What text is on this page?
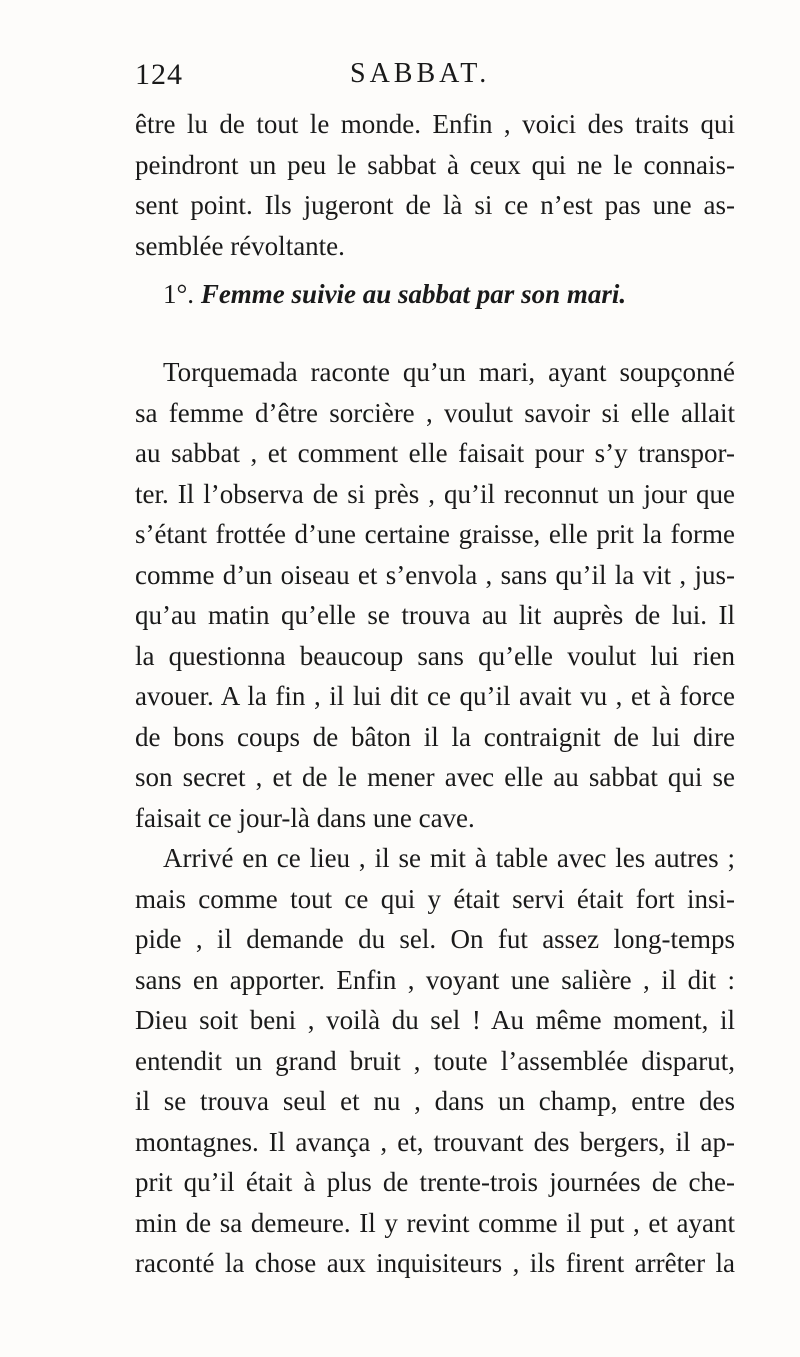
124	SABBAT.
être lu de tout le monde. Enfin , voici des traits qui
peindront un peu le sabbat à ceux qui ne le connais-
sent point. Ils jugeront de là si ce n’est pas une as-
semblée révoltante.
1°. Femme suivie au sabbat par son mari.
Torquemada raconte qu’un mari, ayant soupçonné
sa femme d’être sorcière , voulut savoir si elle allait
au sabbat , et comment elle faisait pour s’y transpor-
ter. Il l’observa de si près , qu’il reconnut un jour que
s’étant frottée d’une certaine graisse, elle prit la forme
comme d’un oiseau et s’envola , sans qu’il la vit , jus-
qu’au matin qu’elle se trouva au lit auprès de lui. Il
la questionna beaucoup sans qu’elle voulut lui rien
avouer. A la fin , il lui dit ce qu’il avait vu , et à force
de bons coups de bâton il la contraignit de lui dire
son secret , et de le mener avec elle au sabbat qui se
faisait ce jour-là dans une cave.
Arrivé en ce lieu , il se mit à table avec les autres ;
mais comme tout ce qui y était servi était fort insi-
pide , il demande du sel. On fut assez long-temps
sans en apporter. Enfin , voyant une salière , il dit :
Dieu soit beni , voilà du sel ! Au même moment, il
entendit un grand bruit , toute l’assemblée disparut,
il se trouva seul et nu , dans un champ, entre des
montagnes. Il avança , et, trouvant des bergers, il ap-
prit qu’il était à plus de trente-trois journées de che-
min de sa demeure. Il y revint comme il put , et ayant
raconté la chose aux inquisiteurs , ils firent arrêter la
